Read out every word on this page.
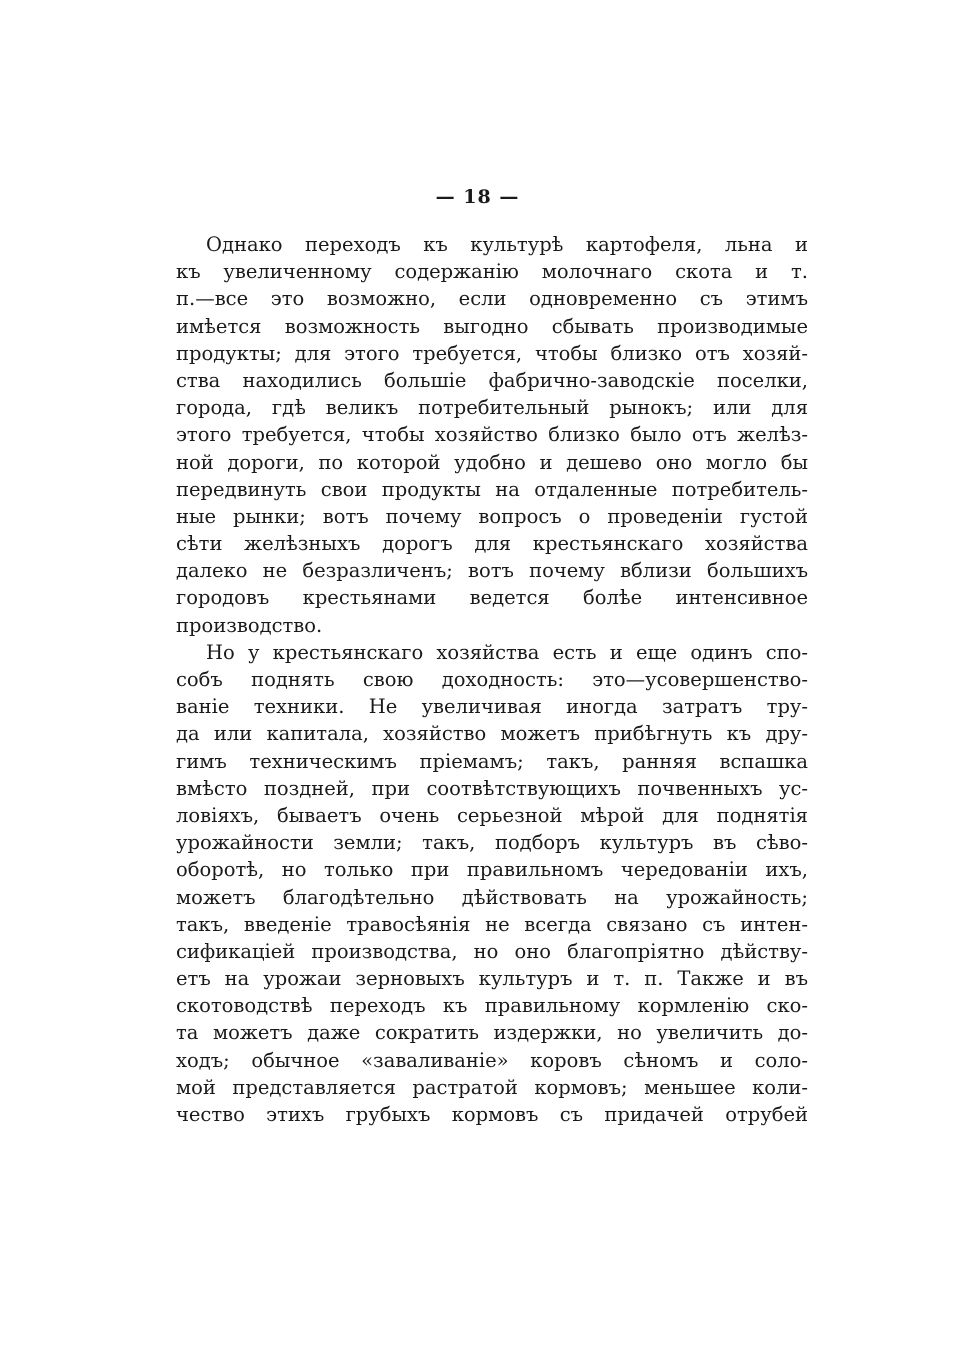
— 18 —
Однако переходъ къ культурѣ картофеля, льна и
къ увеличенному содержанію молочнаго скота и т.
п.—все это возможно, если одновременно съ этимъ
имѣется возможность выгодно сбывать производимые
продукты; для этого требуется, чтобы близко отъ хозяй-
ства находились большіе фабрично-заводскіе поселки,
города, гдѣ великъ потребительный рынокъ; или для
этого требуется, чтобы хозяйство близко было отъ желѣз-
ной дороги, по которой удобно и дешево оно могло бы
передвинуть свои продукты на отдаленные потребитель-
ные рынки; вотъ почему вопросъ о проведеніи густой
сѣти желѣзныхъ дорогъ для крестьянскаго хозяйства
далеко не безразличенъ; вотъ почему вблизи большихъ
городовъ крестьянами ведется болѣе интенсивное
производство.
Но у крестьянскаго хозяйства есть и еще одинъ спо-
собъ поднять свою доходность: это—усовершенство-
ваніе техники. Не увеличивая иногда затратъ тру-
да или капитала, хозяйство можетъ прибѣгнуть къ дру-
гимъ техническимъ пріемамъ; такъ, ранняя вспашка
вмѣсто поздней, при соотвѣтствующихъ почвенныхъ ус-
ловіяхъ, бываетъ очень серьезной мѣрой для поднятія
урожайности земли; такъ, подборъ культуръ въ сѣво-
оборотѣ, но только при правильномъ чередованіи ихъ,
можетъ благодѣтельно дѣйствовать на урожайность;
такъ, введеніе травосѣянія не всегда связано съ интен-
сификаціей производства, но оно благопріятно дѣйству-
етъ на урожаи зерновыхъ культуръ и т. п. Также и въ
скотоводствѣ переходъ къ правильному кормленію ско-
та можетъ даже сократить издержки, но увеличить до-
ходъ; обычное «заваливаніе» коровъ сѣномъ и соло-
мой представляется растратой кормовъ; меньшее коли-
чество этихъ грубыхъ кормовъ съ придачей отрубей
